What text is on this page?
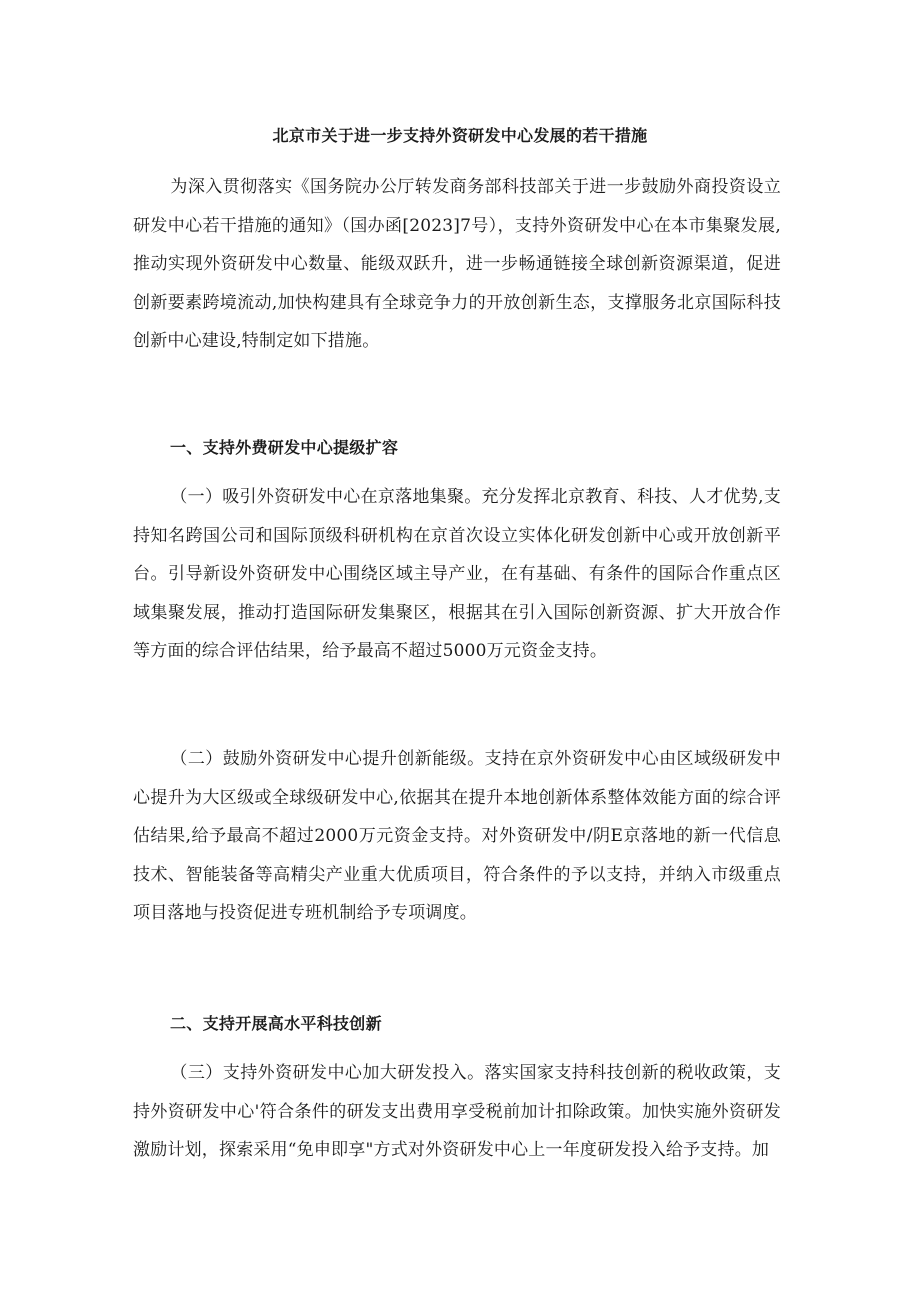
北京市关于进一步支持外资研发中心发展的若干措施

为深入贯彻落实《国务院办公厅转发商务部科技部关于进一步鼓励外商投资设立研发中心若干措施的通知》（国办函[2023]7号），支持外资研发中心在本市集聚发展,推动实现外资研发中心数量、能级双跃升，进一步畅通链接全球创新资源渠道，促进创新要素跨境流动,加快构建具有全球竞争力的开放创新生态，支撑服务北京国际科技创新中心建设,特制定如下措施。

一、支持外费研发中心提级扩容

（一）吸引外资研发中心在京落地集聚。充分发挥北京教育、科技、人才优势,支持知名跨国公司和国际顶级科研机构在京首次设立实体化研发创新中心或开放创新平台。引导新设外资研发中心围绕区域主导产业，在有基础、有条件的国际合作重点区域集聚发展，推动打造国际研发集聚区，根据其在引入国际创新资源、扩大开放合作等方面的综合评估结果，给予最高不超过5000万元资金支持。

（二）鼓励外资研发中心提升创新能级。支持在京外资研发中心由区域级研发中心提升为大区级或全球级研发中心,依据其在提升本地创新体系整体效能方面的综合评估结果,给予最高不超过2000万元资金支持。对外资研发中/阴E京落地的新一代信息技术、智能装备等高精尖产业重大优质项目，符合条件的予以支持，并纳入市级重点项目落地与投资促进专班机制给予专项调度。

二、支持开展高水平科技创新

（三）支持外资研发中心加大研发投入。落实国家支持科技创新的税收政策，支持外资研发中心'符合条件的研发支出费用享受税前加计扣除政策。加快实施外资研发激励计划，探索采用“免申即享"方式对外资研发中心上一年度研发投入给予支持。加
